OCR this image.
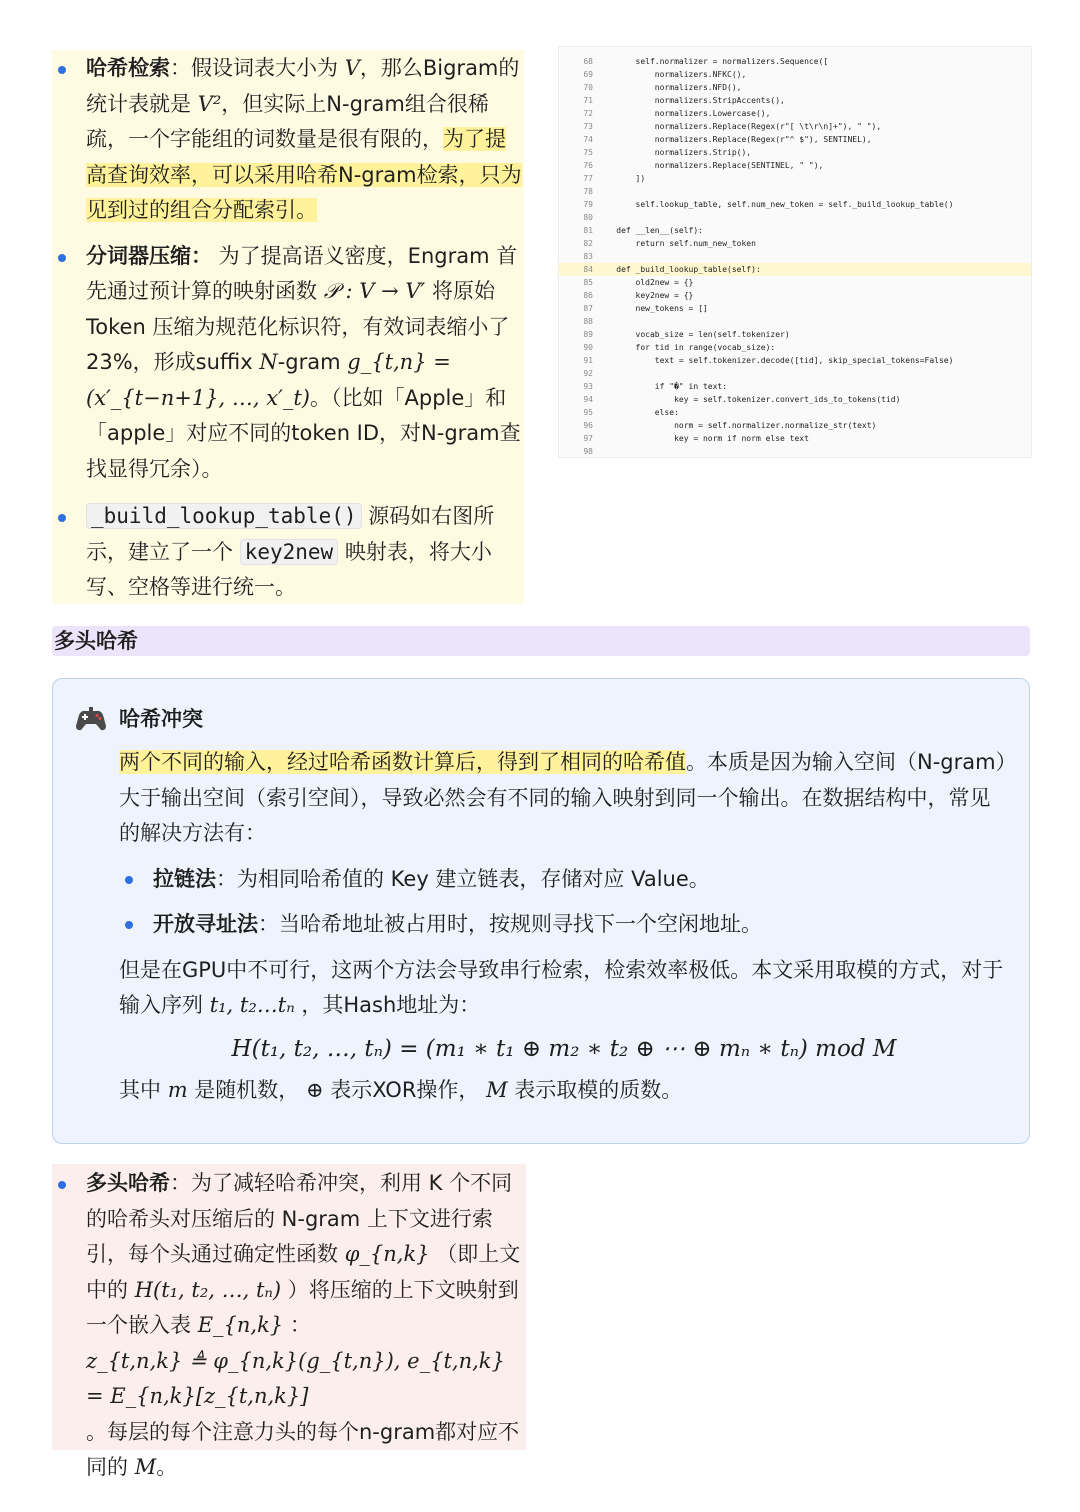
哈希检索：假设词表大小为 V，那么Bigram的统计表就是 V²，但实际上N-gram组合很稀疏，一个字能组的词数量是很有限的，为了提高查询效率，可以采用哈希N-gram检索，只为见到过的组合分配索引。
分词器压缩： 为了提高语义密度，Engram 首先通过预计算的映射函数 𝒫 : V → V′ 将原始 Token 压缩为规范化标识符，有效词表缩小了 23%，形成suffix N-gram g_{t,n} = (x′_{t−n+1}, …, x′_t)。（比如「Apple」和「apple」对应不同的token ID，对N-gram查找显得冗余）。
_build_lookup_table() 源码如右图所示，建立了一个 key2new 映射表，将大小写、空格等进行统一。
68        self.normalizer = normalizers.Sequence([
69            normalizers.NFKC(),
70            normalizers.NFD(),
71            normalizers.StripAccents(),
72            normalizers.Lowercase(),
73            normalizers.Replace(Regex(r"[ \t\r\n]+"), " "),
74            normalizers.Replace(Regex(r"^ $"), SENTINEL),
75            normalizers.Strip(),
76            normalizers.Replace(SENTINEL, " "),
77        ])
78
79        self.lookup_table, self.num_new_token = self._build_lookup_table()
80
81    def __len__(self):
82        return self.num_new_token
83
84    def _build_lookup_table(self):
85        old2new = {}
86        key2new = {}
87        new_tokens = []
88
89        vocab_size = len(self.tokenizer)
90        for tid in range(vocab_size):
91            text = self.tokenizer.decode([tid], skip_special_tokens=False)
92
93            if "�" in text:
94                key = self.tokenizer.convert_ids_to_tokens(tid)
95            else:
96                norm = self.normalizer.normalize_str(text)
97                key = norm if norm else text
98
多头哈希
哈希冲突

两个不同的输入，经过哈希函数计算后，得到了相同的哈希值。本质是因为输入空间（N-gram）大于输出空间（索引空间），导致必然会有不同的输入映射到同一个输出。在数据结构中，常见的解决方法有：

拉链法：为相同哈希值的 Key 建立链表，存储对应 Value。
开放寻址法：当哈希地址被占用时，按规则寻找下一个空闲地址。

但是在GPU中不可行，这两个方法会导致串行检索，检索效率极低。本文采用取模的方式，对于输入序列 t₁, t₂…tₙ ，其Hash地址为：

H(t₁, t₂, …, tₙ) = (m₁ ∗ t₁ ⊕ m₂ ∗ t₂ ⊕ ⋯ ⊕ mₙ ∗ tₙ) mod M

其中 m 是随机数， ⊕ 表示XOR操作， M 表示取模的质数。

多头哈希：为了减轻哈希冲突，利用 K 个不同的哈希头对压缩后的 N-gram 上下文进行索引，每个头通过确定性函数 φ_{n,k} （即上文中的 H(t₁, t₂, …, tₙ) ）将压缩的上下文映射到一个嵌入表 E_{n,k} ：
z_{t,n,k} ≜ φ_{n,k}(g_{t,n}), e_{t,n,k} = E_{n,k}[z_{t,n,k}]
。每层的每个注意力头的每个n-gram都对应不同的 M。
